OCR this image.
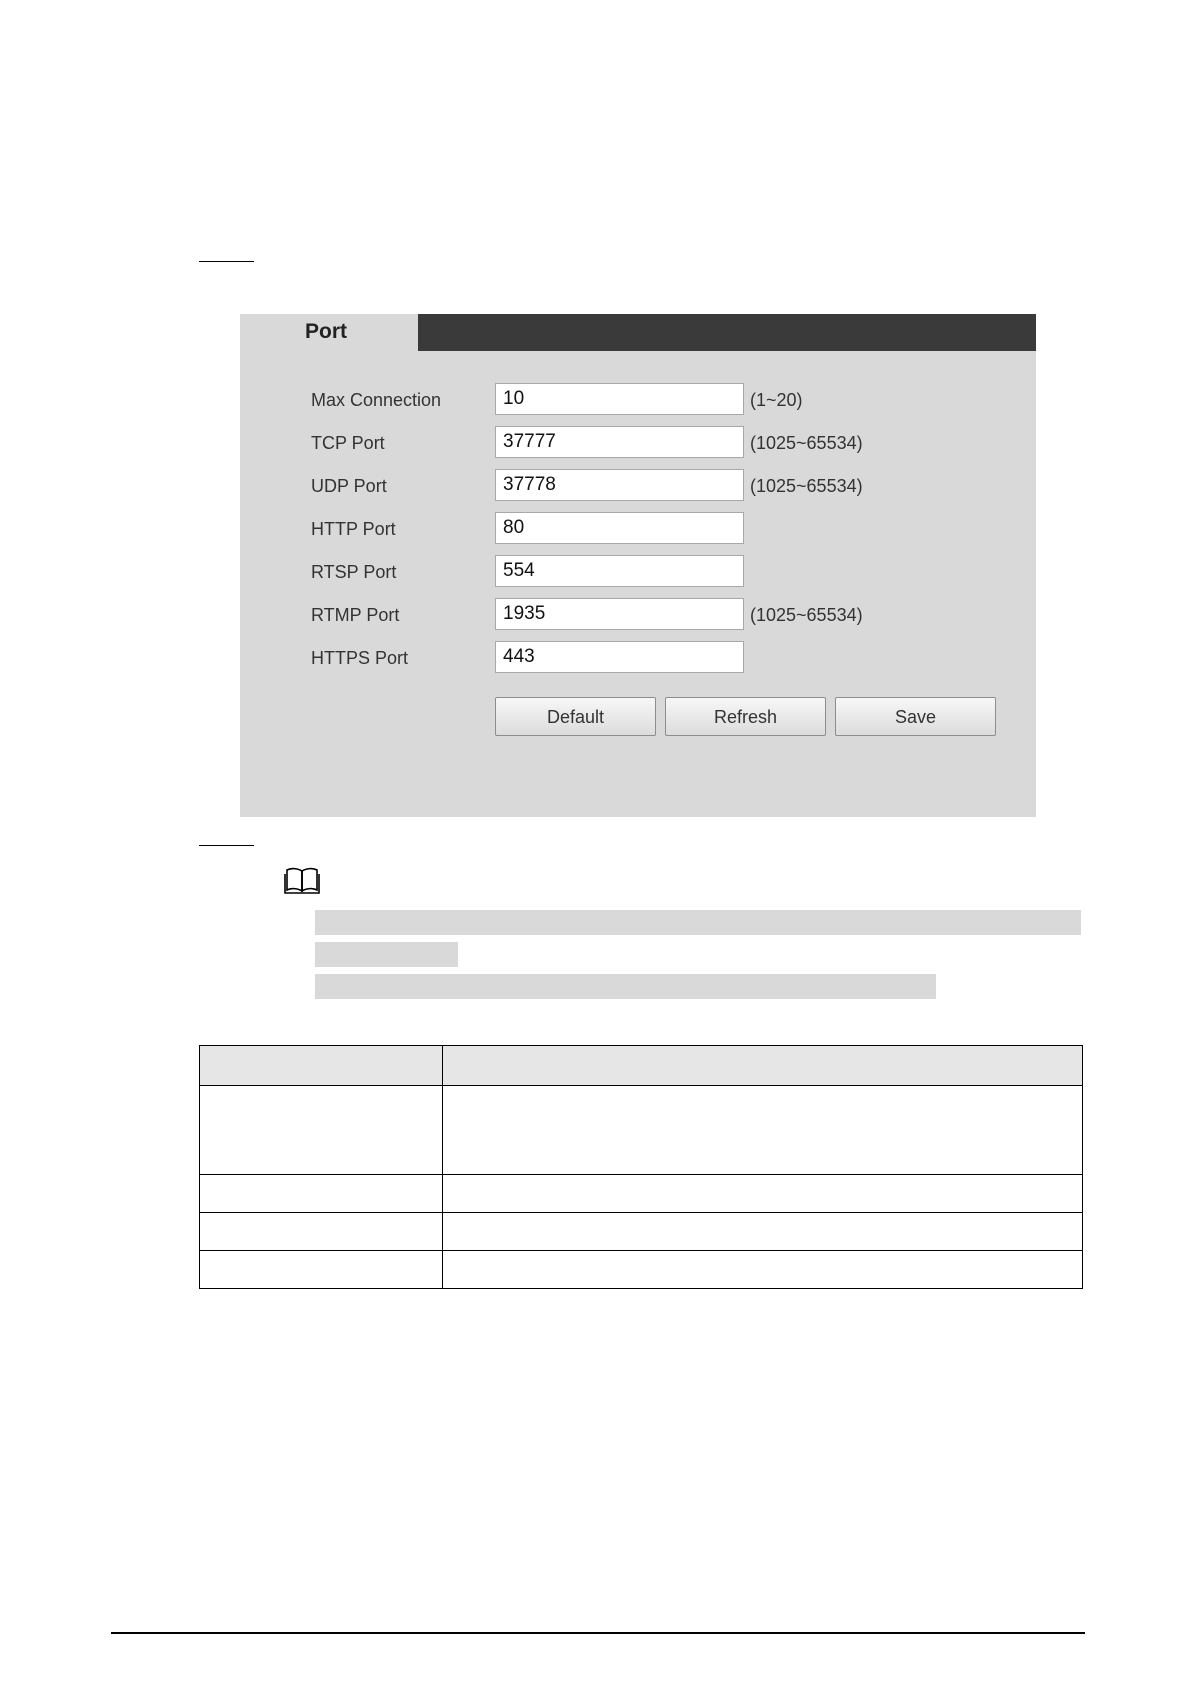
Port
Max Connection	10	(1~20)
TCP Port	37777	(1025~65534)
UDP Port	37778	(1025~65534)
HTTP Port	80
RTSP Port	554
RTMP Port	1935	(1025~65534)
HTTPS Port	443
Default	Refresh	Save
